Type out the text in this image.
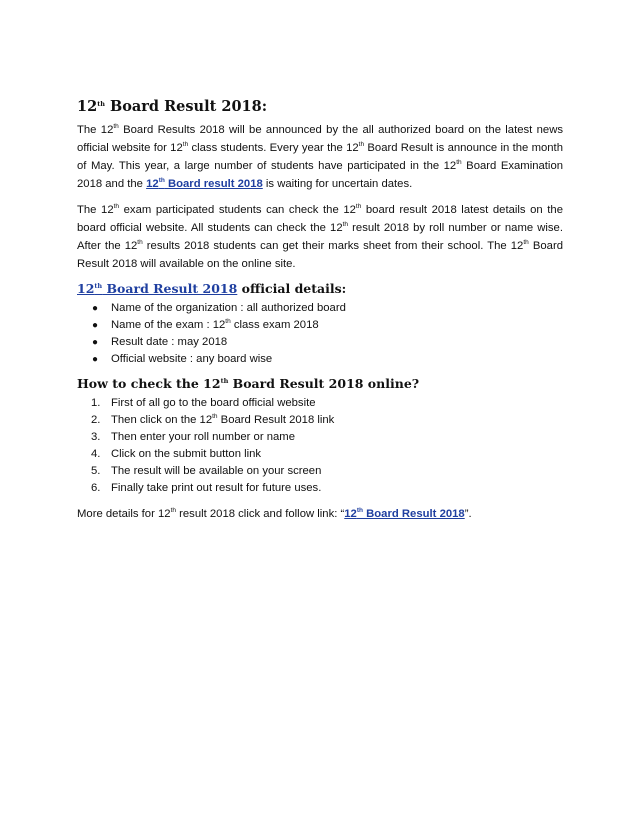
12th Board Result 2018:

The 12th Board Results 2018 will be announced by the all authorized board on the latest news official website for 12th class students. Every year the 12th Board Result is announce in the month of May. This year, a large number of students have participated in the 12th Board Examination 2018 and the 12th Board result 2018 is waiting for uncertain dates.

The 12th exam participated students can check the 12th board result 2018 latest details on the board official website. All students can check the 12th result 2018 by roll number or name wise. After the 12th results 2018 students can get their marks sheet from their school. The 12th Board Result 2018 will available on the online site.

12th Board Result 2018 official details:
● Name of the organization : all authorized board
● Name of the exam : 12th class exam 2018
● Result date : may 2018
● Official website : any board wise
How to check the 12th Board Result 2018 online?
1. First of all go to the board official website
2. Then click on the 12th Board Result 2018 link
3. Then enter your roll number or name
4. Click on the submit button link
5. The result will be available on your screen
6. Finally take print out result for future uses.

More details for 12th result 2018 click and follow link: “12th Board Result 2018”.
